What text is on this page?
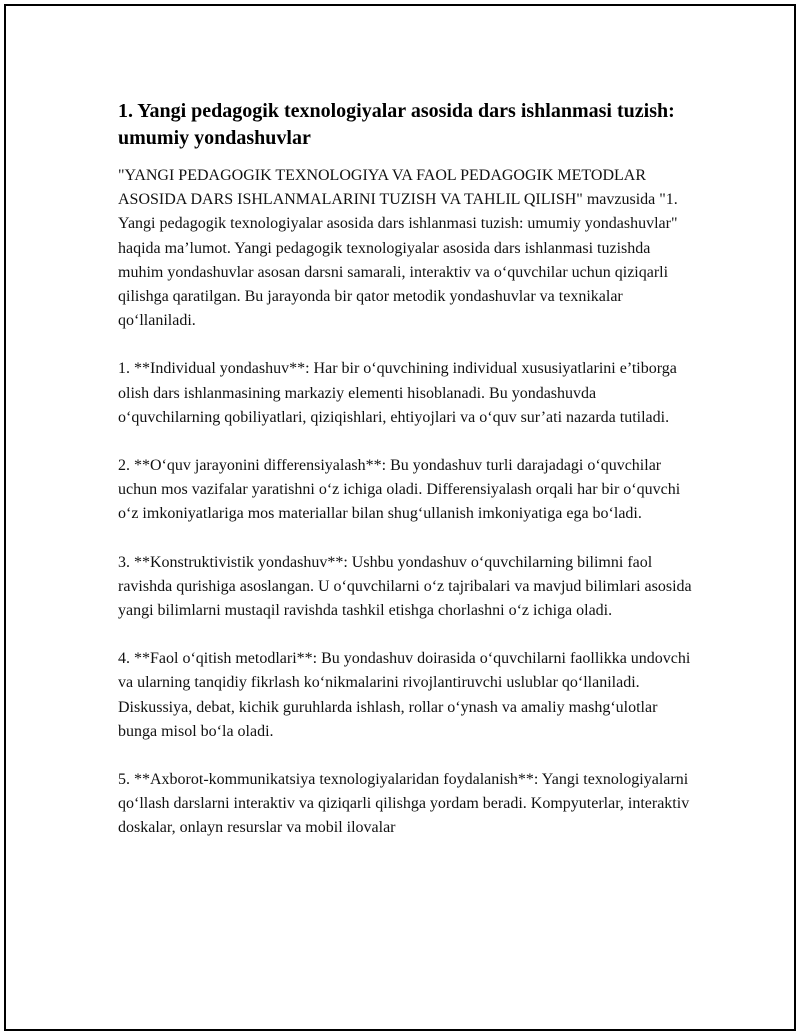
1. Yangi pedagogik texnologiyalar asosida dars ishlanmasi tuzish: umumiy yondashuvlar

"YANGI PEDAGOGIK TEXNOLOGIYA VA FAOL PEDAGOGIK METODLAR ASOSIDA DARS ISHLANMALARINI TUZISH VA TAHLIL QILISH" mavzusida "1. Yangi pedagogik texnologiyalar asosida dars ishlanmasi tuzish: umumiy yondashuvlar" haqida ma’lumot. Yangi pedagogik texnologiyalar asosida dars ishlanmasi tuzishda muhim yondashuvlar asosan darsni samarali, interaktiv va o‘quvchilar uchun qiziqarli qilishga qaratilgan. Bu jarayonda bir qator metodik yondashuvlar va texnikalar qo‘llaniladi.

1. **Individual yondashuv**: Har bir o‘quvchining individual xususiyatlarini e’tiborga olish dars ishlanmasining markaziy elementi hisoblanadi. Bu yondashuvda o‘quvchilarning qobiliyatlari, qiziqishlari, ehtiyojlari va o‘quv sur’ati nazarda tutiladi.

2. **O‘quv jarayonini differensiyalash**: Bu yondashuv turli darajadagi o‘quvchilar uchun mos vazifalar yaratishni o‘z ichiga oladi. Differensiyalash orqali har bir o‘quvchi o‘z imkoniyatlariga mos materiallar bilan shug‘ullanish imkoniyatiga ega bo‘ladi.

3. **Konstruktivistik yondashuv**: Ushbu yondashuv o‘quvchilarning bilimni faol ravishda qurishiga asoslangan. U o‘quvchilarni o‘z tajribalari va mavjud bilimlari asosida yangi bilimlarni mustaqil ravishda tashkil etishga chorlashni o‘z ichiga oladi.

4. **Faol o‘qitish metodlari**: Bu yondashuv doirasida o‘quvchilarni faollikka undovchi va ularning tanqidiy fikrlash ko‘nikmalarini rivojlantiruvchi uslublar qo‘llaniladi. Diskussiya, debat, kichik guruhlarda ishlash, rollar o‘ynash va amaliy mashg‘ulotlar bunga misol bo‘la oladi.

5. **Axborot-kommunikatsiya texnologiyalaridan foydalanish**: Yangi texnologiyalarni qo‘llash darslarni interaktiv va qiziqarli qilishga yordam beradi. Kompyuterlar, interaktiv doskalar, onlayn resurslar va mobil ilovalar
